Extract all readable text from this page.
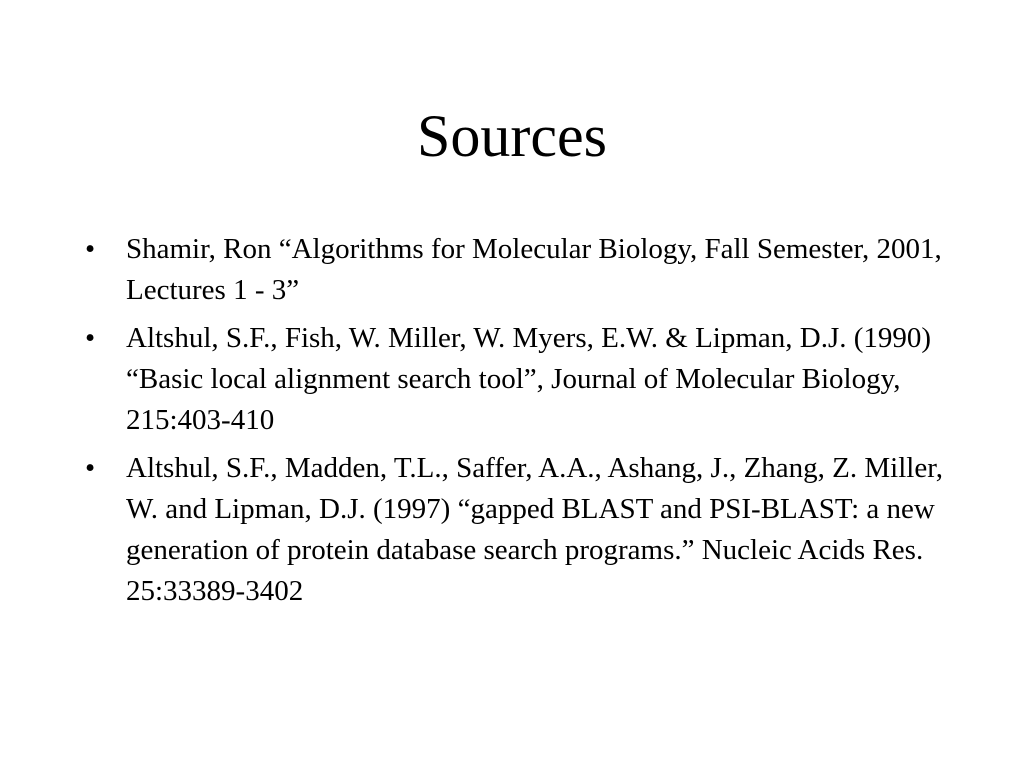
Sources
•	Shamir, Ron “Algorithms for Molecular Biology, Fall Semester, 2001, Lectures 1 - 3”
•	Altshul, S.F., Fish, W. Miller, W. Myers, E.W. & Lipman, D.J. (1990) “Basic local alignment search tool”, Journal of Molecular Biology, 215:403-410
•	Altshul, S.F., Madden, T.L., Saffer, A.A., Ashang, J., Zhang, Z. Miller, W. and Lipman, D.J. (1997) “gapped BLAST and PSI-BLAST: a new generation of protein database search programs.” Nucleic Acids Res. 25:33389-3402
